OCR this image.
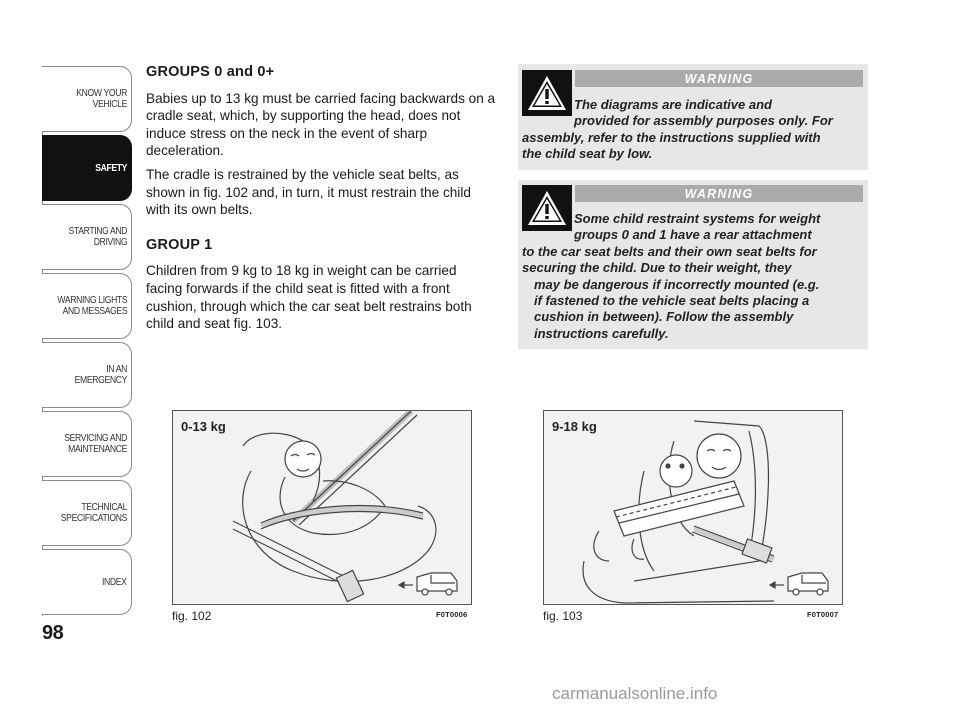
KNOW YOUR
VEHICLE
SAFETY
STARTING AND
DRIVING
WARNING LIGHTS
AND MESSAGES
IN AN EMERGENCY
SERVICING AND
MAINTENANCE
TECHNICAL
SPECIFICATIONS
INDEX
98
GROUPS 0 and 0+

Babies up to 13 kg must be carried facing backwards on a cradle seat, which, by supporting the head, does not induce stress on the neck in the event of sharp deceleration.

The cradle is restrained by the vehicle seat belts, as shown in fig. 102 and, in turn, it must restrain the child with its own belts.

GROUP 1

Children from 9 kg to 18 kg in weight can be carried facing forwards if the child seat is fitted with a front cushion, through which the car seat belt restrains both child and seat fig. 103.

WARNING
The diagrams are indicative and
provided for assembly purposes only. For
assembly, refer to the instructions supplied with
the child seat by low.
WARNING
Some child restraint systems for weight
groups 0 and 1 have a rear attachment
to the car seat belts and their own seat belts for
securing the child. Due to their weight, they
may be dangerous if incorrectly mounted (e.g.
if fastened to the vehicle seat belts placing a
cushion in between). Follow the assembly
instructions carefully.
0-13 kg
fig. 102	F0T0006
9-18 kg
fig. 103	F0T0007
carmanualsonline.info
